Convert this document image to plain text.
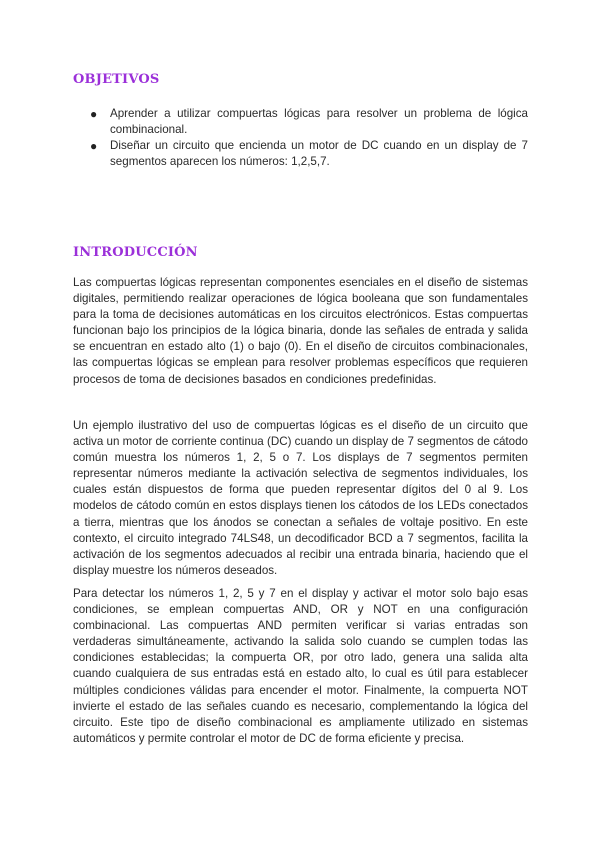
OBJETIVOS
● Aprender a utilizar compuertas lógicas para resolver un problema de lógica combinacional.
● Diseñar un circuito que encienda un motor de DC cuando en un display de 7 segmentos aparecen los números: 1,2,5,7.
INTRODUCCIÓN

Las compuertas lógicas representan componentes esenciales en el diseño de sistemas digitales, permitiendo realizar operaciones de lógica booleana que son fundamentales para la toma de decisiones automáticas en los circuitos electrónicos. Estas compuertas funcionan bajo los principios de la lógica binaria, donde las señales de entrada y salida se encuentran en estado alto (1) o bajo (0). En el diseño de circuitos combinacionales, las compuertas lógicas se emplean para resolver problemas específicos que requieren procesos de toma de decisiones basados en condiciones predefinidas.

Un ejemplo ilustrativo del uso de compuertas lógicas es el diseño de un circuito que activa un motor de corriente continua (DC) cuando un display de 7 segmentos de cátodo común muestra los números 1, 2, 5 o 7. Los displays de 7 segmentos permiten representar números mediante la activación selectiva de segmentos individuales, los cuales están dispuestos de forma que pueden representar dígitos del 0 al 9. Los modelos de cátodo común en estos displays tienen los cátodos de los LEDs conectados a tierra, mientras que los ánodos se conectan a señales de voltaje positivo. En este contexto, el circuito integrado 74LS48, un decodificador BCD a 7 segmentos, facilita la activación de los segmentos adecuados al recibir una entrada binaria, haciendo que el display muestre los números deseados.

Para detectar los números 1, 2, 5 y 7 en el display y activar el motor solo bajo esas condiciones, se emplean compuertas AND, OR y NOT en una configuración combinacional. Las compuertas AND permiten verificar si varias entradas son verdaderas simultáneamente, activando la salida solo cuando se cumplen todas las condiciones establecidas; la compuerta OR, por otro lado, genera una salida alta cuando cualquiera de sus entradas está en estado alto, lo cual es útil para establecer múltiples condiciones válidas para encender el motor. Finalmente, la compuerta NOT invierte el estado de las señales cuando es necesario, complementando la lógica del circuito. Este tipo de diseño combinacional es ampliamente utilizado en sistemas automáticos y permite controlar el motor de DC de forma eficiente y precisa.
